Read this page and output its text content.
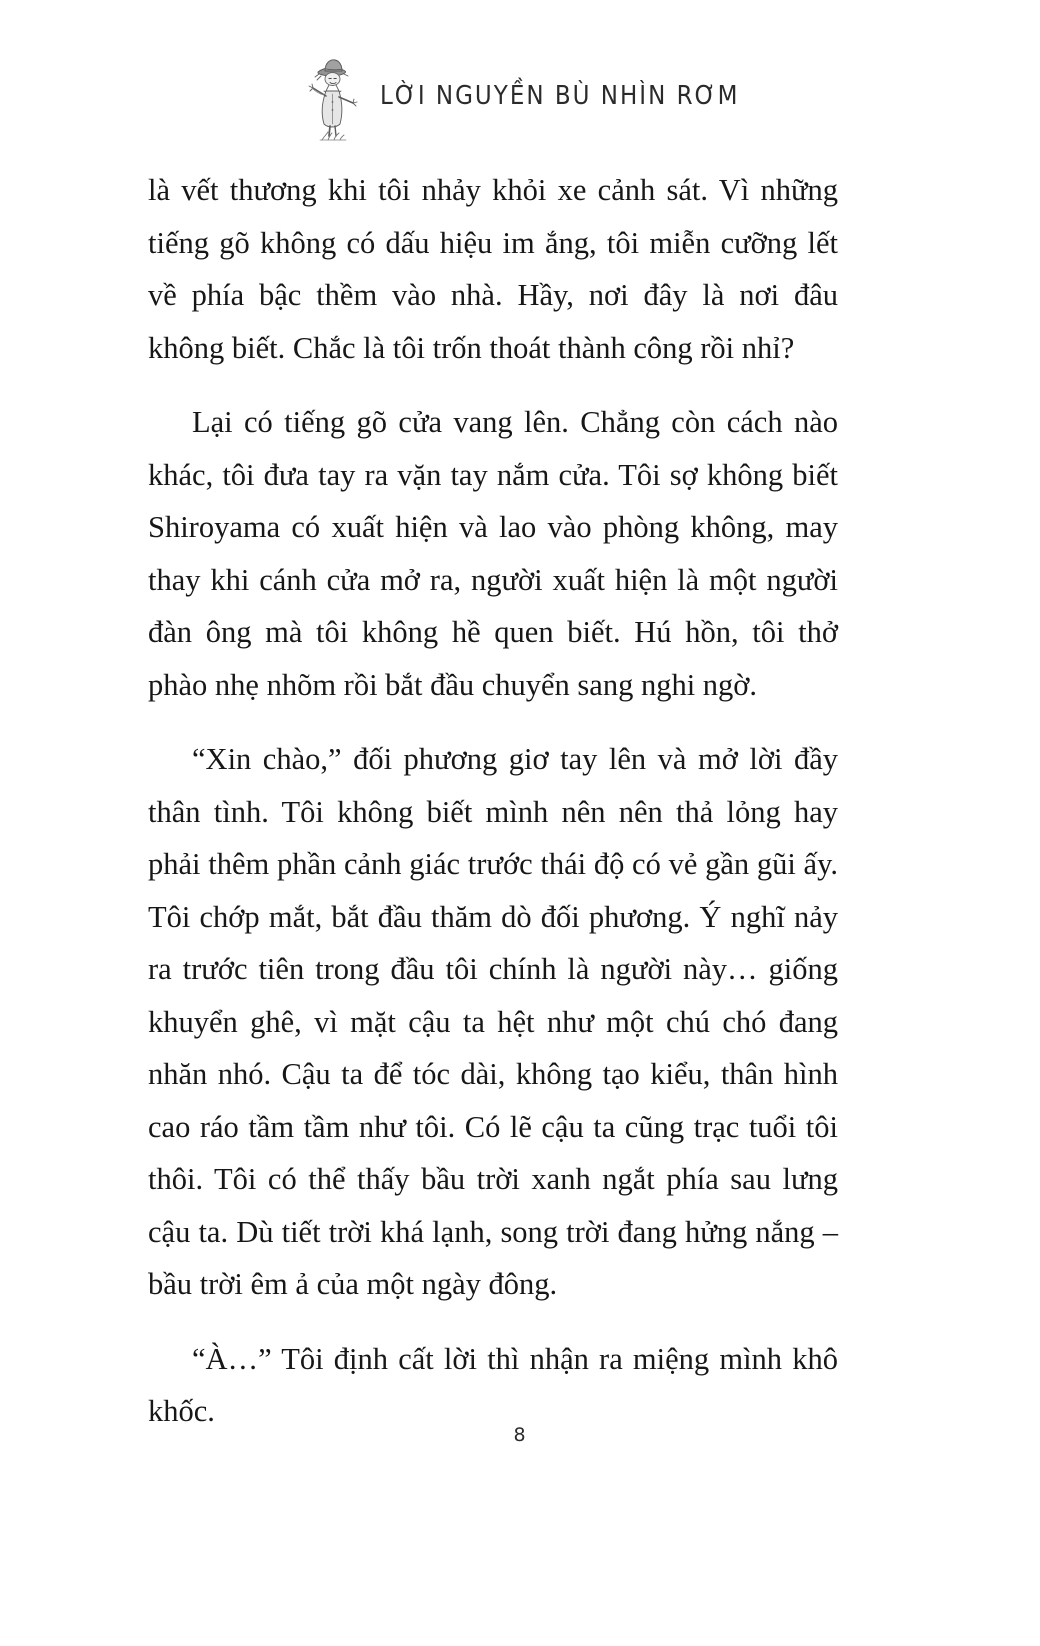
LỜI NGUYỀN BÙ NHÌN RƠM

là vết thương khi tôi nhảy khỏi xe cảnh sát. Vì những tiếng gõ không có dấu hiệu im ắng, tôi miễn cưỡng lết về phía bậc thềm vào nhà. Hầy, nơi đây là nơi đâu không biết. Chắc là tôi trốn thoát thành công rồi nhỉ?

Lại có tiếng gõ cửa vang lên. Chẳng còn cách nào khác, tôi đưa tay ra vặn tay nắm cửa. Tôi sợ không biết Shiroyama có xuất hiện và lao vào phòng không, may thay khi cánh cửa mở ra, người xuất hiện là một người đàn ông mà tôi không hề quen biết. Hú hồn, tôi thở phào nhẹ nhõm rồi bắt đầu chuyển sang nghi ngờ.

“Xin chào,” đối phương giơ tay lên và mở lời đầy thân tình. Tôi không biết mình nên nên thả lỏng hay phải thêm phần cảnh giác trước thái độ có vẻ gần gũi ấy. Tôi chớp mắt, bắt đầu thăm dò đối phương. Ý nghĩ nảy ra trước tiên trong đầu tôi chính là người này… giống khuyển ghê, vì mặt cậu ta hệt như một chú chó đang nhăn nhó. Cậu ta để tóc dài, không tạo kiểu, thân hình cao ráo tầm tầm như tôi. Có lẽ cậu ta cũng trạc tuổi tôi thôi. Tôi có thể thấy bầu trời xanh ngắt phía sau lưng cậu ta. Dù tiết trời khá lạnh, song trời đang hửng nắng – bầu trời êm ả của một ngày đông.

“À…” Tôi định cất lời thì nhận ra miệng mình khô khốc.

8
